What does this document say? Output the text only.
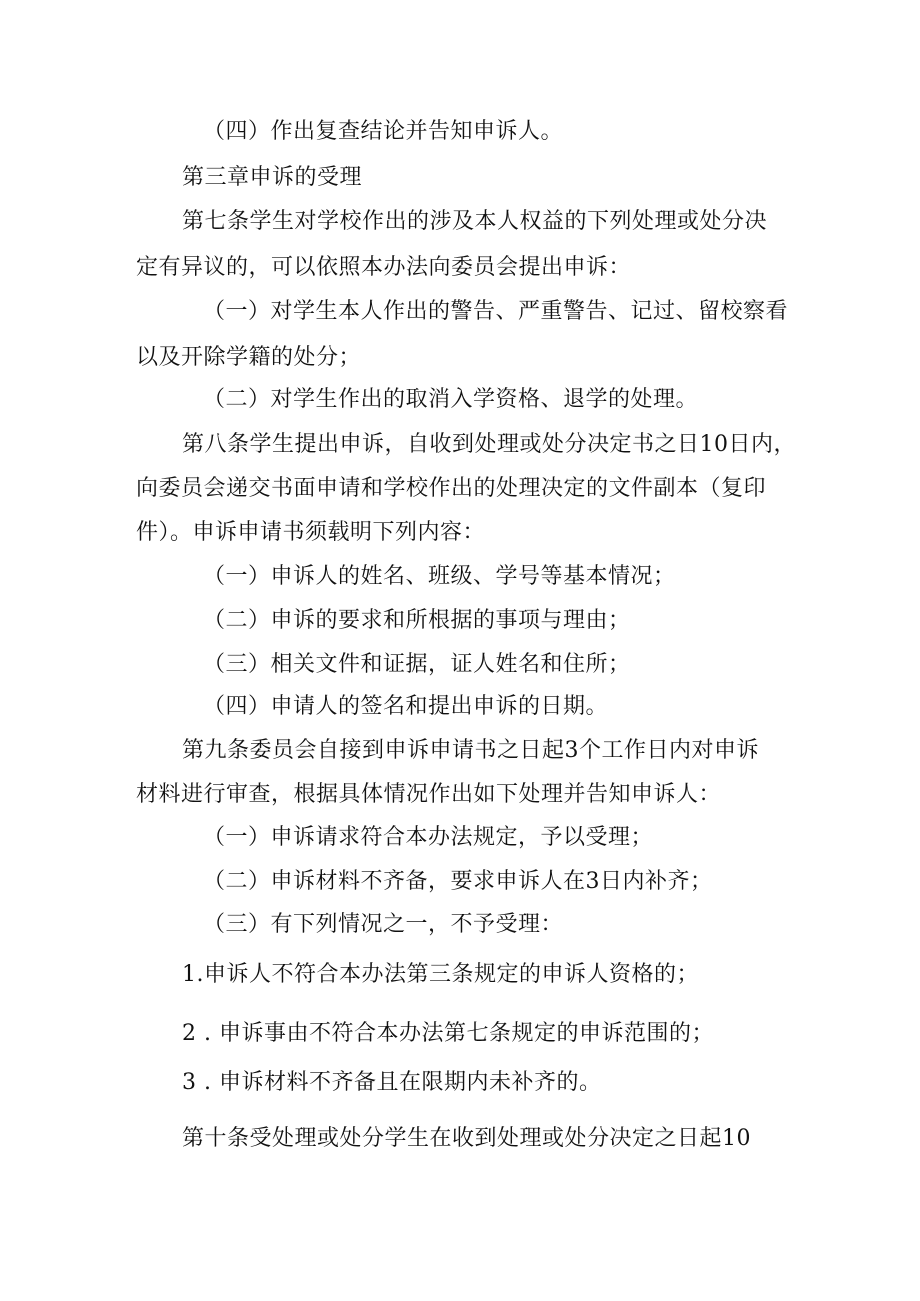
（四）作出复查结论并告知申诉人。
第三章申诉的受理
第七条学生对学校作出的涉及本人权益的下列处理或处分决
定有异议的，可以依照本办法向委员会提出申诉：
（一）对学生本人作出的警告、严重警告、记过、留校察看
以及开除学籍的处分；
（二）对学生作出的取消入学资格、退学的处理。
第八条学生提出申诉，自收到处理或处分决定书之日10日内，
向委员会递交书面申请和学校作出的处理决定的文件副本（复印
件）。申诉申请书须载明下列内容：
（一）申诉人的姓名、班级、学号等基本情况；
（二）申诉的要求和所根据的事项与理由；
（三）相关文件和证据，证人姓名和住所；
（四）申请人的签名和提出申诉的日期。
第九条委员会自接到申诉申请书之日起3个工作日内对申诉
材料进行审查，根据具体情况作出如下处理并告知申诉人：
（一）申诉请求符合本办法规定，予以受理；
（二）申诉材料不齐备，要求申诉人在3日内补齐；
（三）有下列情况之一，不予受理：
1.申诉人不符合本办法第三条规定的申诉人资格的；
2 . 申诉事由不符合本办法第七条规定的申诉范围的；
3 . 申诉材料不齐备且在限期内未补齐的。
第十条受处理或处分学生在收到处理或处分决定之日起10
